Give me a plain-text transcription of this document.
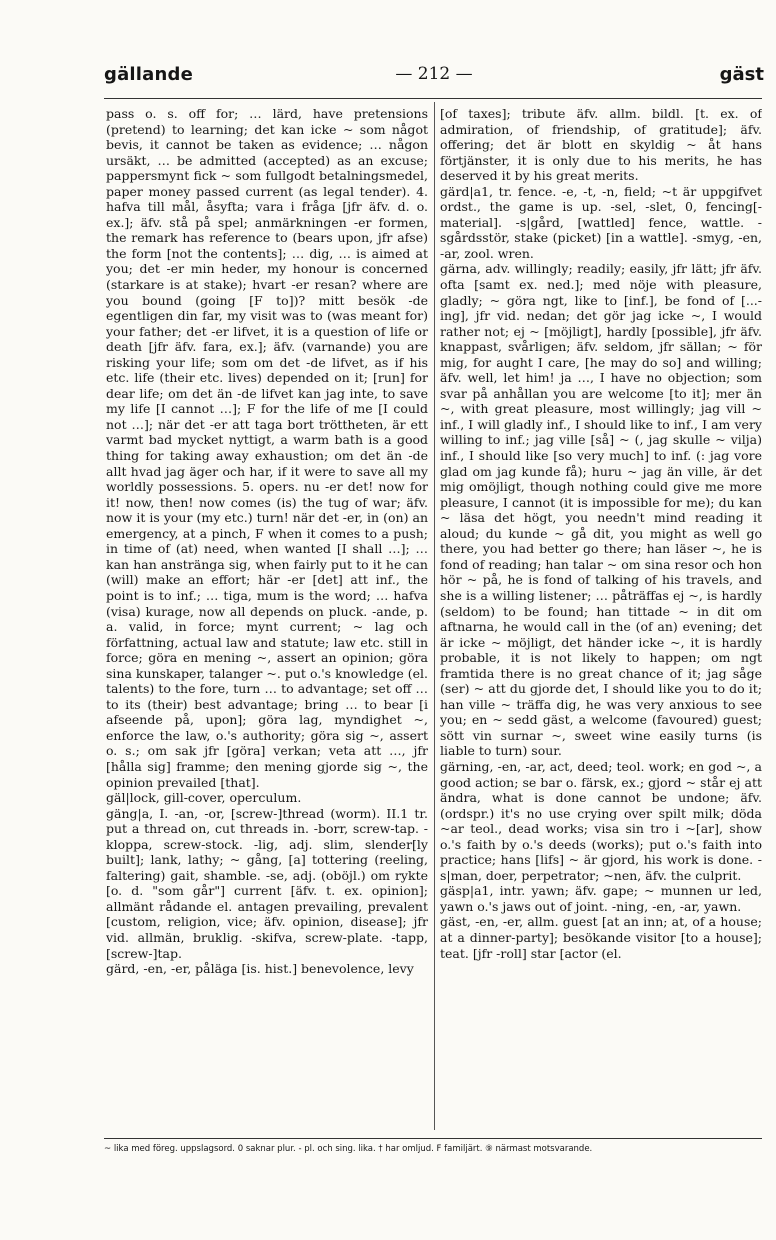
gällande	— 212 —	gäst

pass o. s. off for; … lärd, have pretensions (pretend) to learning; det kan icke ~ som något bevis, it cannot be taken as evidence; … någon ursäkt, … be admitted (accepted) as an excuse; pappersmynt fick ~ som fullgodt betalningsmedel, paper money passed current (as legal tender). 4. hafva till mål, åsyfta; vara i fråga [jfr äfv. d. o. ex.]; äfv. stå på spel; anmärkningen -er formen, the remark has reference to (bears upon, jfr afse) the form [not the contents]; … dig, … is aimed at you; det -er min heder, my honour is concerned (starkare is at stake); hvart -er resan? where are you bound (going [F to])? mitt besök -de egentligen din far, my visit was to (was meant for) your father; det -er lifvet, it is a question of life or death [jfr äfv. fara, ex.]; äfv. (varnande) you are risking your life; som om det -de lifvet, as if his etc. life (their etc. lives) depended on it; [run] for dear life; om det än -de lifvet kan jag inte, to save my life [I cannot …]; F for the life of me [I could not …]; när det -er att taga bort tröttheten, är ett varmt bad mycket nyttigt, a warm bath is a good thing for taking away exhaustion; om det än -de allt hvad jag äger och har, if it were to save all my worldly possessions. 5. opers. nu -er det! now for it! now, then! now comes (is) the tug of war; äfv. now it is your (my etc.) turn! när det -er, in (on) an emergency, at a pinch, F when it comes to a push; in time of (at) need, when wanted [I shall …]; … kan han anstränga sig, when fairly put to it he can (will) make an effort; här -er [det] att inf., the point is to inf.; … tiga, mum is the word; … hafva (visa) kurage, now all depends on pluck. -ande, p. a. valid, in force; mynt current; ~ lag och författning, actual law and statute; law etc. still in force; göra en mening ~, assert an opinion; göra sina kunskaper, talanger ~. put o.'s knowledge (el. talents) to the fore, turn … to advantage; set off … to its (their) best advantage; bring … to bear [i afseende på, upon]; göra lag, myndighet ~, enforce the law, o.'s authority; göra sig ~, assert o. s.; om sak jfr [göra] verkan; veta att …, jfr [hålla sig] framme; den mening gjorde sig ~, the opinion prevailed [that].

gäl|lock, gill-cover, operculum.

gäng|a, I. -an, -or, [screw-]thread (worm). II.1 tr. put a thread on, cut threads in. -borr, screw-tap. -kloppa, screw-stock. -lig, adj. slim, slender[ly built]; lank, lathy; ~ gång, [a] tottering (reeling, faltering) gait, shamble. -se, adj. (oböjl.) om rykte [o. d. "som går"] current [äfv. t. ex. opinion]; allmänt rådande el. antagen prevailing, prevalent [custom, religion, vice; äfv. opinion, disease]; jfr vid. allmän, bruklig. -skifva, screw-plate. -tapp, [screw-]tap.

gärd, -en, -er, påläga [is. hist.] benevolence, levy

[of taxes]; tribute äfv. allm. bildl. [t. ex. of admiration, of friendship, of gratitude]; äfv. offering; det är blott en skyldig ~ åt hans förtjänster, it is only due to his merits, he has deserved it by his great merits.

gärd|a1, tr. fence. -e, -t, -n, field; ~t är uppgifvet ordst., the game is up. -sel, -slet, 0, fencing[-material]. -s|gård, [wattled] fence, wattle. -sgårdsstör, stake (picket) [in a wattle]. -smyg, -en, -ar, zool. wren.

gärna, adv. willingly; readily; easily, jfr lätt; jfr äfv. ofta [samt ex. ned.]; med nöje with pleasure, gladly; ~ göra ngt, like to [inf.], be fond of [...-ing], jfr vid. nedan; det gör jag icke ~, I would rather not; ej ~ [möjligt], hardly [possible], jfr äfv. knappast, svårligen; äfv. seldom, jfr sällan; ~ för mig, for aught I care, [he may do so] and willing; äfv. well, let him! ja …, I have no objection; som svar på anhållan you are welcome [to it]; mer än ~, with great pleasure, most willingly; jag vill ~ inf., I will gladly inf., I should like to inf., I am very willing to inf.; jag ville [så] ~ (, jag skulle ~ vilja) inf., I should like [so very much] to inf. (: jag vore glad om jag kunde få); huru ~ jag än ville, är det mig omöjligt, though nothing could give me more pleasure, I cannot (it is impossible for me); du kan ~ läsa det högt, you needn't mind reading it aloud; du kunde ~ gå dit, you might as well go there, you had better go there; han läser ~, he is fond of reading; han talar ~ om sina resor och hon hör ~ på, he is fond of talking of his travels, and she is a willing listener; … påträffas ej ~, is hardly (seldom) to be found; han tittade ~ in dit om aftnarna, he would call in the (of an) evening; det är icke ~ möjligt, det händer icke ~, it is hardly probable, it is not likely to happen; om ngt framtida there is no great chance of it; jag såge (ser) ~ att du gjorde det, I should like you to do it; han ville ~ träffa dig, he was very anxious to see you; en ~ sedd gäst, a welcome (favoured) guest; sött vin surnar ~, sweet wine easily turns (is liable to turn) sour.

gärning, -en, -ar, act, deed; teol. work; en god ~, a good action; se bar o. färsk, ex.; gjord ~ står ej att ändra, what is done cannot be undone; äfv. (ordspr.) it's no use crying over spilt milk; döda ~ar teol., dead works; visa sin tro i ~[ar], show o.'s faith by o.'s deeds (works); put o.'s faith into practice; hans [lifs] ~ är gjord, his work is done. -s|man, doer, perpetrator; ~nen, äfv. the culprit.

gäsp|a1, intr. yawn; äfv. gape; ~ munnen ur led, yawn o.'s jaws out of joint. -ning, -en, -ar, yawn.

gäst, -en, -er, allm. guest [at an inn; at, of a house; at a dinner-party]; besökande visitor [to a house]; teat. [jfr -roll] star [actor (el.

~ lika med föreg. uppslagsord. 0 saknar plur. - pl. och sing. lika. † har omljud. F familjärt. ⑨ närmast motsvarande.
